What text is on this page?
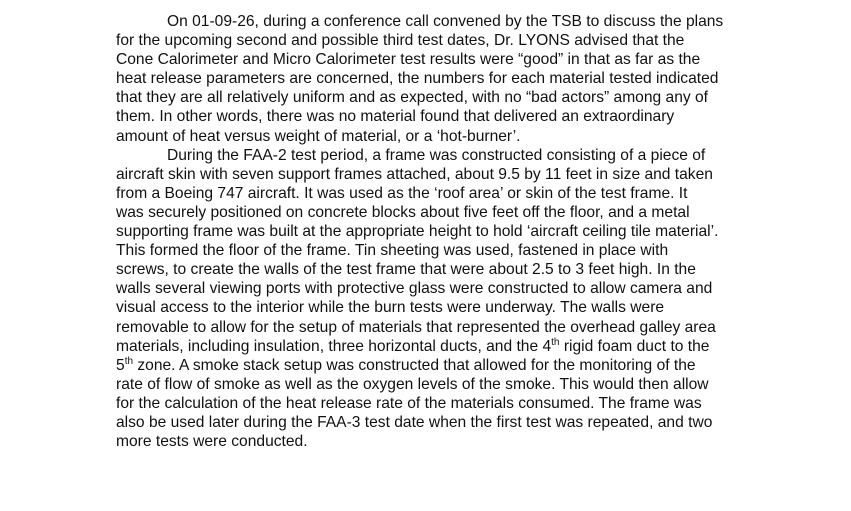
On 01-09-26, during a conference call convened by the TSB to discuss the plans
for the upcoming second and possible third test dates, Dr. LYONS advised that the
Cone Calorimeter and Micro Calorimeter test results were “good” in that as far as the
heat release parameters are concerned, the numbers for each material tested indicated
that they are all relatively uniform and as expected, with no “bad actors” among any of
them. In other words, there was no material found that delivered an extraordinary
amount of heat versus weight of material, or a ‘hot-burner’.
During the FAA-2 test period, a frame was constructed consisting of a piece of
aircraft skin with seven support frames attached, about 9.5 by 11 feet in size and taken
from a Boeing 747 aircraft. It was used as the ‘roof area’ or skin of the test frame. It
was securely positioned on concrete blocks about five feet off the floor, and a metal
supporting frame was built at the appropriate height to hold ‘aircraft ceiling tile material’.
This formed the floor of the frame. Tin sheeting was used, fastened in place with
screws, to create the walls of the test frame that were about 2.5 to 3 feet high. In the
walls several viewing ports with protective glass were constructed to allow camera and
visual access to the interior while the burn tests were underway. The walls were
removable to allow for the setup of materials that represented the overhead galley area
materials, including insulation, three horizontal ducts, and the 4th rigid foam duct to the
5th zone. A smoke stack setup was constructed that allowed for the monitoring of the
rate of flow of smoke as well as the oxygen levels of the smoke. This would then allow
for the calculation of the heat release rate of the materials consumed. The frame was
also be used later during the FAA-3 test date when the first test was repeated, and two
more tests were conducted.
